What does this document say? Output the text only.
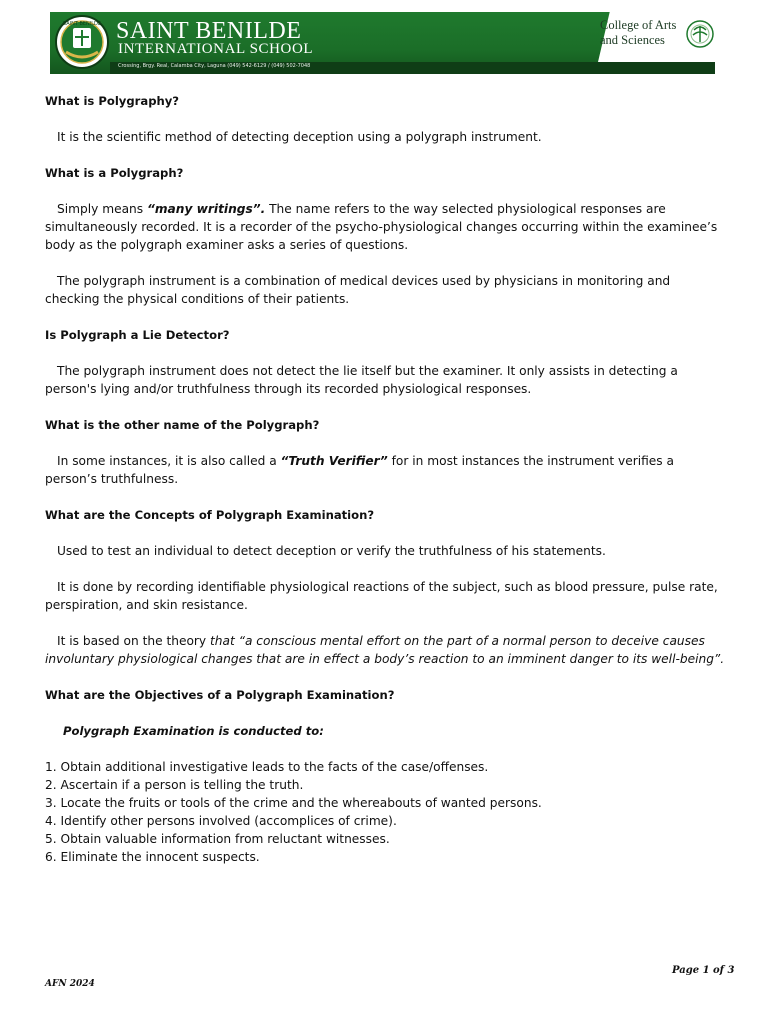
SAINT BENILDE SAINT BENILDE
INTERNATIONAL SCHOOL
Crossing, Brgy. Real, Calamba City, Laguna (049) 542-6129 / (049) 502-7048
College of Arts
and Sciences

What is Polygraphy?

It is the scientific method of detecting deception using a polygraph instrument.

What is a Polygraph?

Simply means “many writings”. The name refers to the way selected physiological responses are simultaneously recorded. It is a recorder of the psycho-physiological changes occurring within the examinee’s body as the polygraph examiner asks a series of questions.

The polygraph instrument is a combination of medical devices used by physicians in monitoring and checking the physical conditions of their patients.

Is Polygraph a Lie Detector?

The polygraph instrument does not detect the lie itself but the examiner. It only assists in detecting a person's lying and/or truthfulness through its recorded physiological responses.

What is the other name of the Polygraph?

In some instances, it is also called a “Truth Verifier” for in most instances the instrument verifies a person’s truthfulness.

What are the Concepts of Polygraph Examination?

Used to test an individual to detect deception or verify the truthfulness of his statements.

It is done by recording identifiable physiological reactions of the subject, such as blood pressure, pulse rate, perspiration, and skin resistance.

It is based on the theory that “a conscious mental effort on the part of a normal person to deceive causes involuntary physiological changes that are in effect a body’s reaction to an imminent danger to its well-being”.

What are the Objectives of a Polygraph Examination?

Polygraph Examination is conducted to:

1. Obtain additional investigative leads to the facts of the case/offenses.
2. Ascertain if a person is telling the truth.
3. Locate the fruits or tools of the crime and the whereabouts of wanted persons.
4. Identify other persons involved (accomplices of crime).
5. Obtain valuable information from reluctant witnesses.
6. Eliminate the innocent suspects.
Page 1 of 3
AFN 2024
